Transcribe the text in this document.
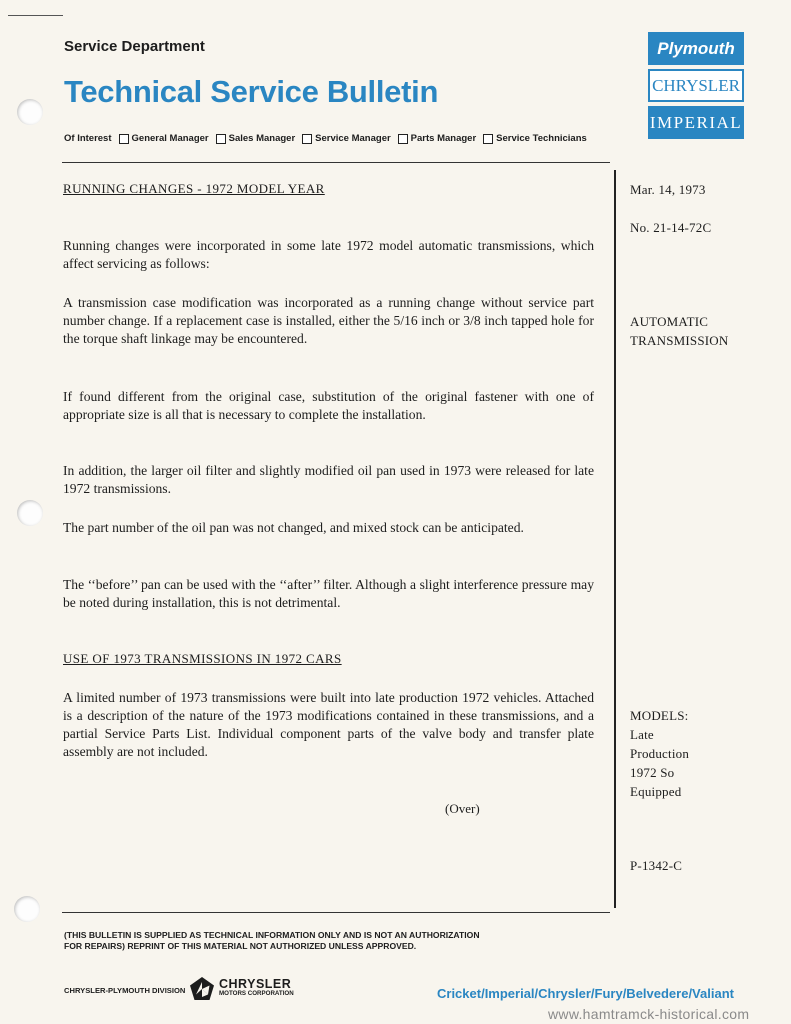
Service Department
Technical Service Bulletin
Of Interest General Manager Sales Manager Service Manager Parts Manager Service Technicians
Plymouth
CHRYSLER
IMPERIAL
RUNNING CHANGES - 1972 MODEL YEAR
Running changes were incorporated in some late 1972 model automatic transmissions, which affect servicing as follows:
A transmission case modification was incorporated as a running change without service part number change. If a replacement case is installed, either the 5/16 inch or 3/8 inch tapped hole for the torque shaft linkage may be encountered.
If found different from the original case, substitution of the original fastener with one of appropriate size is all that is necessary to complete the installation.
In addition, the larger oil filter and slightly modified oil pan used in 1973 were released for late 1972 transmissions.
The part number of the oil pan was not changed, and mixed stock can be anticipated.
The ‘‘before’’ pan can be used with the ‘‘after’’ filter. Although a slight interference pressure may be noted during installation, this is not detrimental.
USE OF 1973 TRANSMISSIONS IN 1972 CARS
A limited number of 1973 transmissions were built into late production 1972 vehicles. Attached is a description of the nature of the 1973 modifications contained in these transmissions, and a partial Service Parts List. Individual component parts of the valve body and transfer plate assembly are not included.
(Over)
Mar. 14, 1973
No. 21-14-72C
AUTOMATIC
TRANSMISSION
MODELS:
Late
Production
1972 So
Equipped
P-1342-C
(THIS BULLETIN IS SUPPLIED AS TECHNICAL INFORMATION ONLY AND IS NOT AN AUTHORIZATION
FOR REPAIRS) REPRINT OF THIS MATERIAL NOT AUTHORIZED UNLESS APPROVED.
CHRYSLER-PLYMOUTH DIVISION	CHRYSLER
MOTORS CORPORATION	Cricket/Imperial/Chrysler/Fury/Belvedere/Valiant
www.hamtramck-historical.com
